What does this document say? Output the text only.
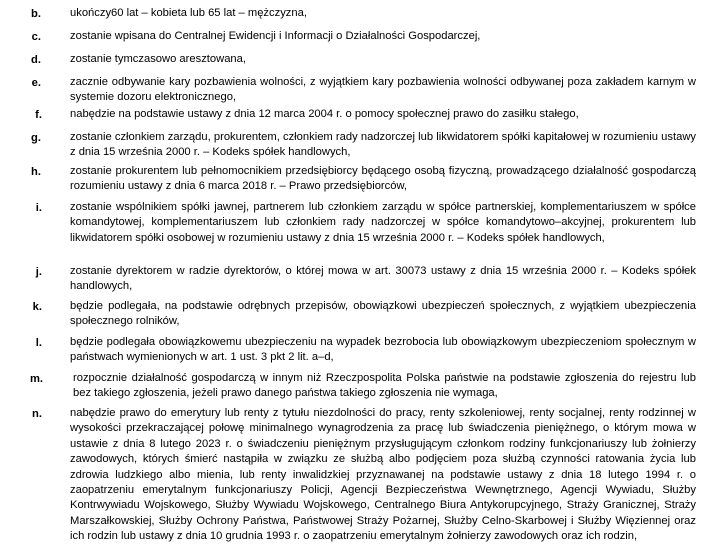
b.	ukończy60 lat – kobieta lub 65 lat – mężczyzna,
c.	zostanie wpisana do Centralnej Ewidencji i Informacji o Działalności Gospodarczej,
d.	zostanie tymczasowo aresztowana,
e.	zacznie odbywanie kary pozbawienia wolności, z wyjątkiem kary pozbawienia wolności odbywanej poza zakładem karnym w systemie dozoru elektronicznego,
f.	nabędzie na podstawie ustawy z dnia 12 marca 2004 r. o pomocy społecznej prawo do zasiłku stałego,
g.	zostanie członkiem zarządu, prokurentem, członkiem rady nadzorczej lub likwidatorem spółki kapitałowej w rozumieniu ustawy z dnia 15 września 2000 r. – Kodeks spółek handlowych,
h.	zostanie prokurentem lub pełnomocnikiem przedsiębiorcy będącego osobą fizyczną, prowadzącego działalność gospodarczą rozumieniu ustawy z dnia 6 marca 2018 r. – Prawo przedsiębiorców,
i.	zostanie wspólnikiem spółki jawnej, partnerem lub członkiem zarządu w spółce partnerskiej, komplementariuszem w spółce komandytowej, komplementariuszem lub członkiem rady nadzorczej w spółce komandytowo–akcyjnej, prokurentem lub likwidatorem spółki osobowej w rozumieniu ustawy z dnia 15 września 2000 r. – Kodeks spółek handlowych,
j.	zostanie dyrektorem w radzie dyrektorów, o której mowa w art. 30073 ustawy z dnia 15 września 2000 r. – Kodeks spółek handlowych,
k.	będzie podlegała, na podstawie odrębnych przepisów, obowiązkowi ubezpieczeń społecznych, z wyjątkiem ubezpieczenia społecznego rolników,
l.	będzie podlegała obowiązkowemu ubezpieczeniu na wypadek bezrobocia lub obowiązkowym ubezpieczeniom społecznym w państwach wymienionych w art. 1 ust. 3 pkt 2 lit. a–d,
m.	rozpocznie działalność gospodarczą w innym niż Rzeczpospolita Polska państwie na podstawie zgłoszenia do rejestru lub bez takiego zgłoszenia, jeżeli prawo danego państwa takiego zgłoszenia nie wymaga,
n.	nabędzie prawo do emerytury lub renty z tytułu niezdolności do pracy, renty szkoleniowej, renty socjalnej, renty rodzinnej w wysokości przekraczającej połowę minimalnego wynagrodzenia za pracę lub świadczenia pieniężnego, o którym mowa w ustawie z dnia 8 lutego 2023 r. o świadczeniu pieniężnym przysługującym członkom rodziny funkcjonariuszy lub żołnierzy zawodowych, których śmierć nastąpiła w związku ze służbą albo podjęciem poza służbą czynności ratowania życia lub zdrowia ludzkiego albo mienia, lub renty inwalidzkiej przyznawanej na podstawie ustawy z dnia 18 lutego 1994 r. o zaopatrzeniu emerytalnym funkcjonariuszy Policji, Agencji Bezpieczeństwa Wewnętrznego, Agencji Wywiadu, Służby Kontrwywiadu Wojskowego, Służby Wywiadu Wojskowego, Centralnego Biura Antykorupcyjnego, Straży Granicznej, Straży Marszałkowskiej, Służby Ochrony Państwa, Państwowej Straży Pożarnej, Służby Celno-Skarbowej i Służby Więziennej oraz ich rodzin lub ustawy z dnia 10 grudnia 1993 r. o zaopatrzeniu emerytalnym żołnierzy zawodowych oraz ich rodzin,
